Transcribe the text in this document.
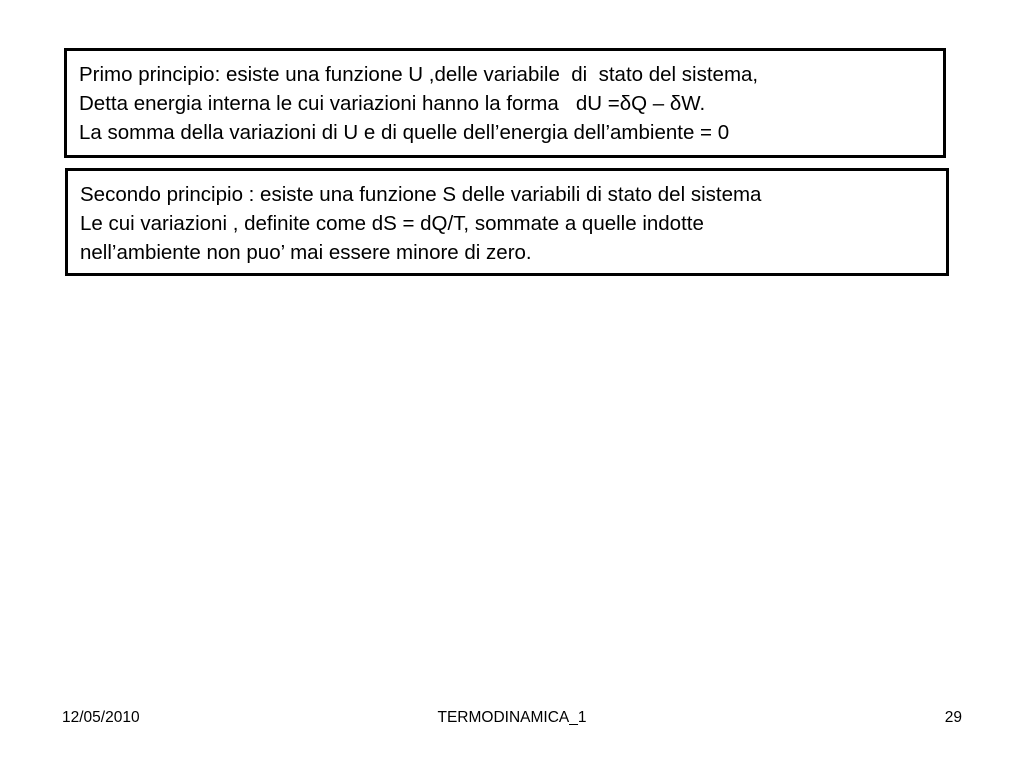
Primo principio: esiste una funzione U ,delle variabile  di  stato del sistema,
Detta energia interna le cui variazioni hanno la forma   dU =δQ – δW.
La somma della variazioni di U e di quelle dell’energia dell’ambiente = 0
Secondo principio : esiste una funzione S delle variabili di stato del sistema
Le cui variazioni , definite come dS = dQ/T, sommate a quelle indotte
nell’ambiente non puo’ mai essere minore di zero.
12/05/2010	TERMODINAMICA_1	29
